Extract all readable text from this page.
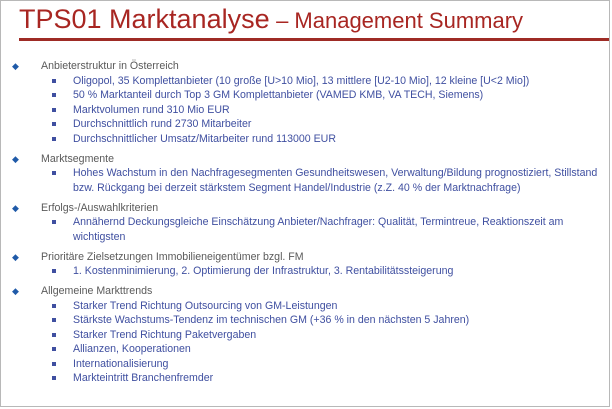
TPS01 Marktanalyse – Management Summary
◆ Anbieterstruktur in Österreich
Oligopol, 35 Komplettanbieter (10 große [U>10 Mio], 13 mittlere [U2-10 Mio], 12 kleine [U<2 Mio])
50 % Marktanteil durch Top 3 GM Komplettanbieter (VAMED KMB, VA TECH, Siemens)
Marktvolumen rund 310 Mio EUR
Durchschnittlich rund 2730 Mitarbeiter
Durchschnittlicher Umsatz/Mitarbeiter rund 113000 EUR
◆ Marktsegmente
Hohes Wachstum in den Nachfragesegmenten Gesundheitswesen, Verwaltung/Bildung prognostiziert, Stillstand bzw. Rückgang bei derzeit stärkstem Segment Handel/Industrie (z.Z. 40 % der Marktnachfrage)
◆ Erfolgs-/Auswahlkriterien
Annähernd Deckungsgleiche Einschätzung Anbieter/Nachfrager: Qualität, Termintreue, Reaktionszeit am wichtigsten
◆ Prioritäre Zielsetzungen Immobilieneigentümer bzgl. FM
1. Kostenminimierung, 2. Optimierung der Infrastruktur, 3. Rentabilitätssteigerung
◆ Allgemeine Markttrends
Starker Trend Richtung Outsourcing von GM-Leistungen
Stärkste Wachstums-Tendenz im technischen GM (+36 % in den nächsten 5 Jahren)
Starker Trend Richtung Paketvergaben
Allianzen, Kooperationen
Internationalisierung
Markteintritt Branchenfremder
